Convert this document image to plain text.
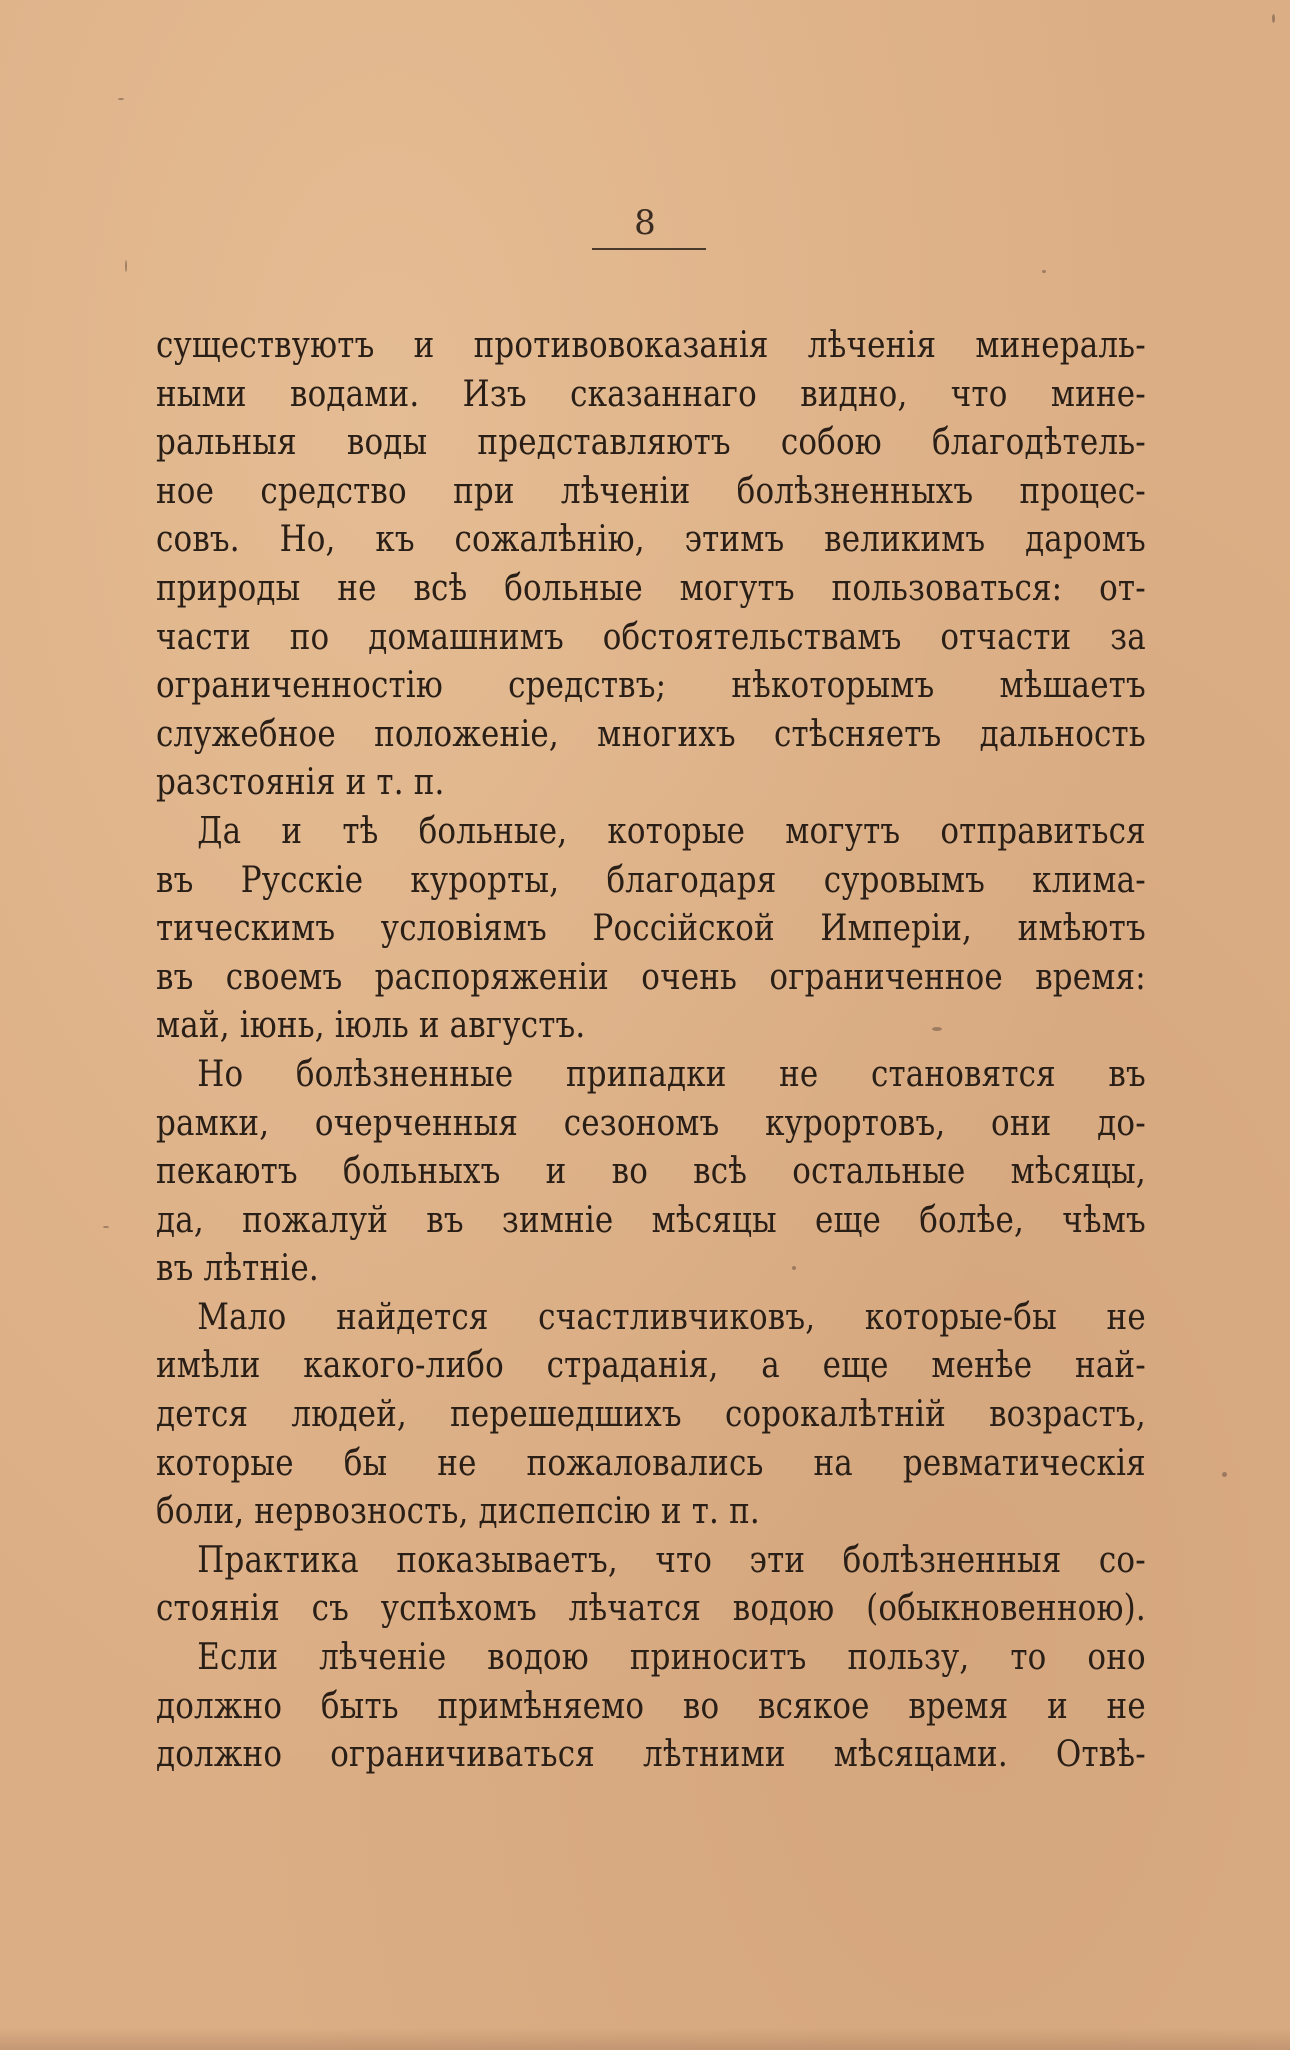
8
существуютъ и противовоказанія лѣченія минераль-
ными водами. Изъ сказаннаго видно, что мине-
ральныя воды представляютъ собою благодѣтель-
ное средство при лѣченіи болѣзненныхъ процес-
совъ. Но, къ сожалѣнію, этимъ великимъ даромъ
природы не всѣ больные могутъ пользоваться: от-
части по домашнимъ обстоятельствамъ отчасти за
ограниченностію средствъ; нѣкоторымъ мѣшаетъ
служебное положеніе, многихъ стѣсняетъ дальность
разстоянія и т. п.
Да и тѣ больные, которые могутъ отправиться
въ Русскіе курорты, благодаря суровымъ клима-
тическимъ условіямъ Россійской Имперіи, имѣютъ
въ своемъ распоряженіи очень ограниченное время:
май, іюнь, іюль и августъ.
Но болѣзненные припадки не становятся въ
рамки, очерченныя сезономъ курортовъ, они до-
пекаютъ больныхъ и во всѣ остальные мѣсяцы,
да, пожалуй въ зимніе мѣсяцы еще болѣе, чѣмъ
въ лѣтніе.
Мало найдется счастливчиковъ, которые-бы не
имѣли какого-либо страданія, а еще менѣе най-
дется людей, перешедшихъ сорокалѣтній возрастъ,
которые бы не пожаловались на ревматическія
боли, нервозность, диспепсію и т. п.
Практика показываетъ, что эти болѣзненныя со-
стоянія съ успѣхомъ лѣчатся водою (обыкновенною).
Если лѣченіе водою приноситъ пользу, то оно
должно быть примѣняемо во всякое время и не
должно ограничиваться лѣтними мѣсяцами. Отвѣ-
